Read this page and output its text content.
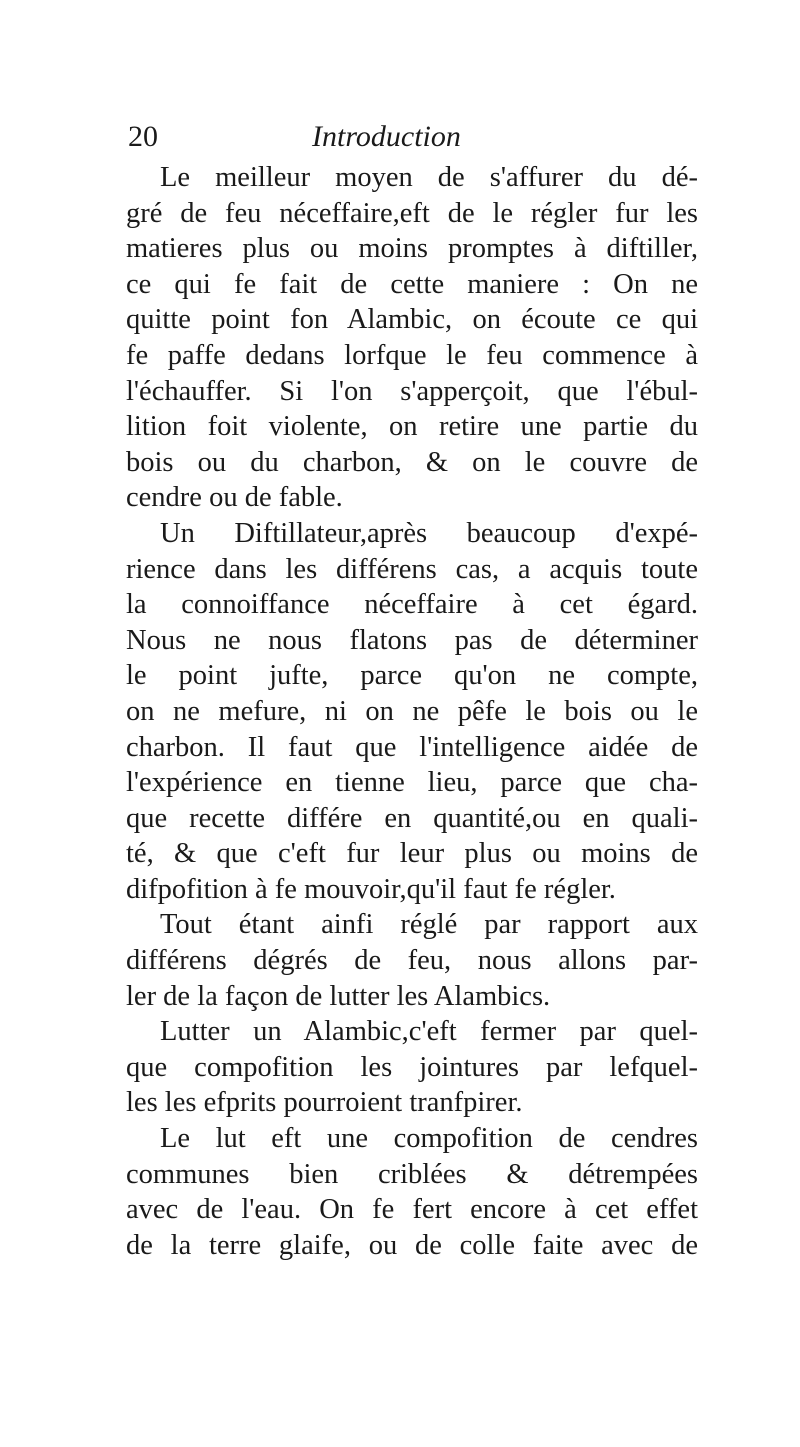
20	Introduction
Le meilleur moyen de s'affurer du dé-
gré de feu néceffaire,eft de le régler fur les
matieres plus ou moins promptes à diftiller,
ce qui fe fait de cette maniere : On ne
quitte point fon Alambic, on écoute ce qui
fe paffe dedans lorfque le feu commence à
l'échauffer. Si l'on s'apperçoit, que l'ébul-
lition foit violente, on retire une partie du
bois ou du charbon, & on le couvre de
cendre ou de fable.
Un Diftillateur,après beaucoup d'expé-
rience dans les différens cas, a acquis toute
la connoiffance néceffaire à cet égard.
Nous ne nous flatons pas de déterminer
le point jufte, parce qu'on ne compte,
on ne mefure, ni on ne pêfe le bois ou le
charbon. Il faut que l'intelligence aidée de
l'expérience en tienne lieu, parce que cha-
que recette différe en quantité,ou en quali-
té, & que c'eft fur leur plus ou moins de
difpofition à fe mouvoir,qu'il faut fe régler.
Tout étant ainfi réglé par rapport aux
différens dégrés de feu, nous allons par-
ler de la façon de lutter les Alambics.
Lutter un Alambic,c'eft fermer par quel-
que compofition les jointures par lefquel-
les les efprits pourroient tranfpirer.
Le lut eft une compofition de cendres
communes bien criblées & détrempées
avec de l'eau. On fe fert encore à cet effet
de la terre glaife, ou de colle faite avec de
